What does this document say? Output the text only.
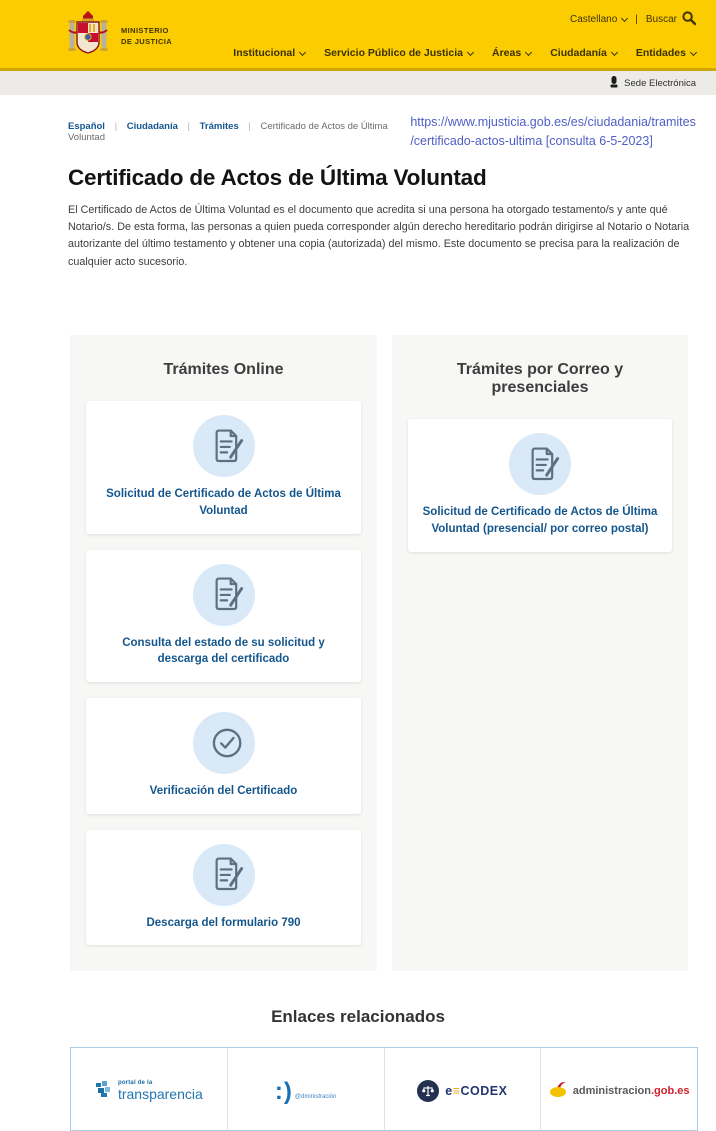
MINISTERIO
DE JUSTICIA
Castellano | Buscar
Institucional	Servicio Público de Justicia	Áreas	Ciudadanía	Entidades
Sede Electrónica
Español | Ciudadanía | Trámites | Certificado de Actos de Última Voluntad
https://www.mjusticia.gob.es/es/ciudadania/tramites
/certificado-actos-ultima [consulta 6-5-2023]
Certificado de Actos de Última Voluntad

El Certificado de Actos de Última Voluntad es el documento que acredita si una persona ha otorgado testamento/s y ante qué Notario/s. De esta forma, las personas a quien pueda corresponder algún derecho hereditario podrán dirigirse al Notario o Notaria autorizante del último testamento y obtener una copia (autorizada) del mismo. Este documento se precisa para la realización de cualquier acto sucesorio.

Trámites Online
Solicitud de Certificado de Actos de Última Voluntad
Consulta del estado de su solicitud y descarga del certificado
Verificación del Certificado
Descarga del formulario 790
Trámites por Correo y presenciales
Solicitud de Certificado de Actos de Última Voluntad (presencial/ por correo postal)
Enlaces relacionados
portal de la
transparencia	:) @dministración	e≡CODEX	administracion.gob.es
